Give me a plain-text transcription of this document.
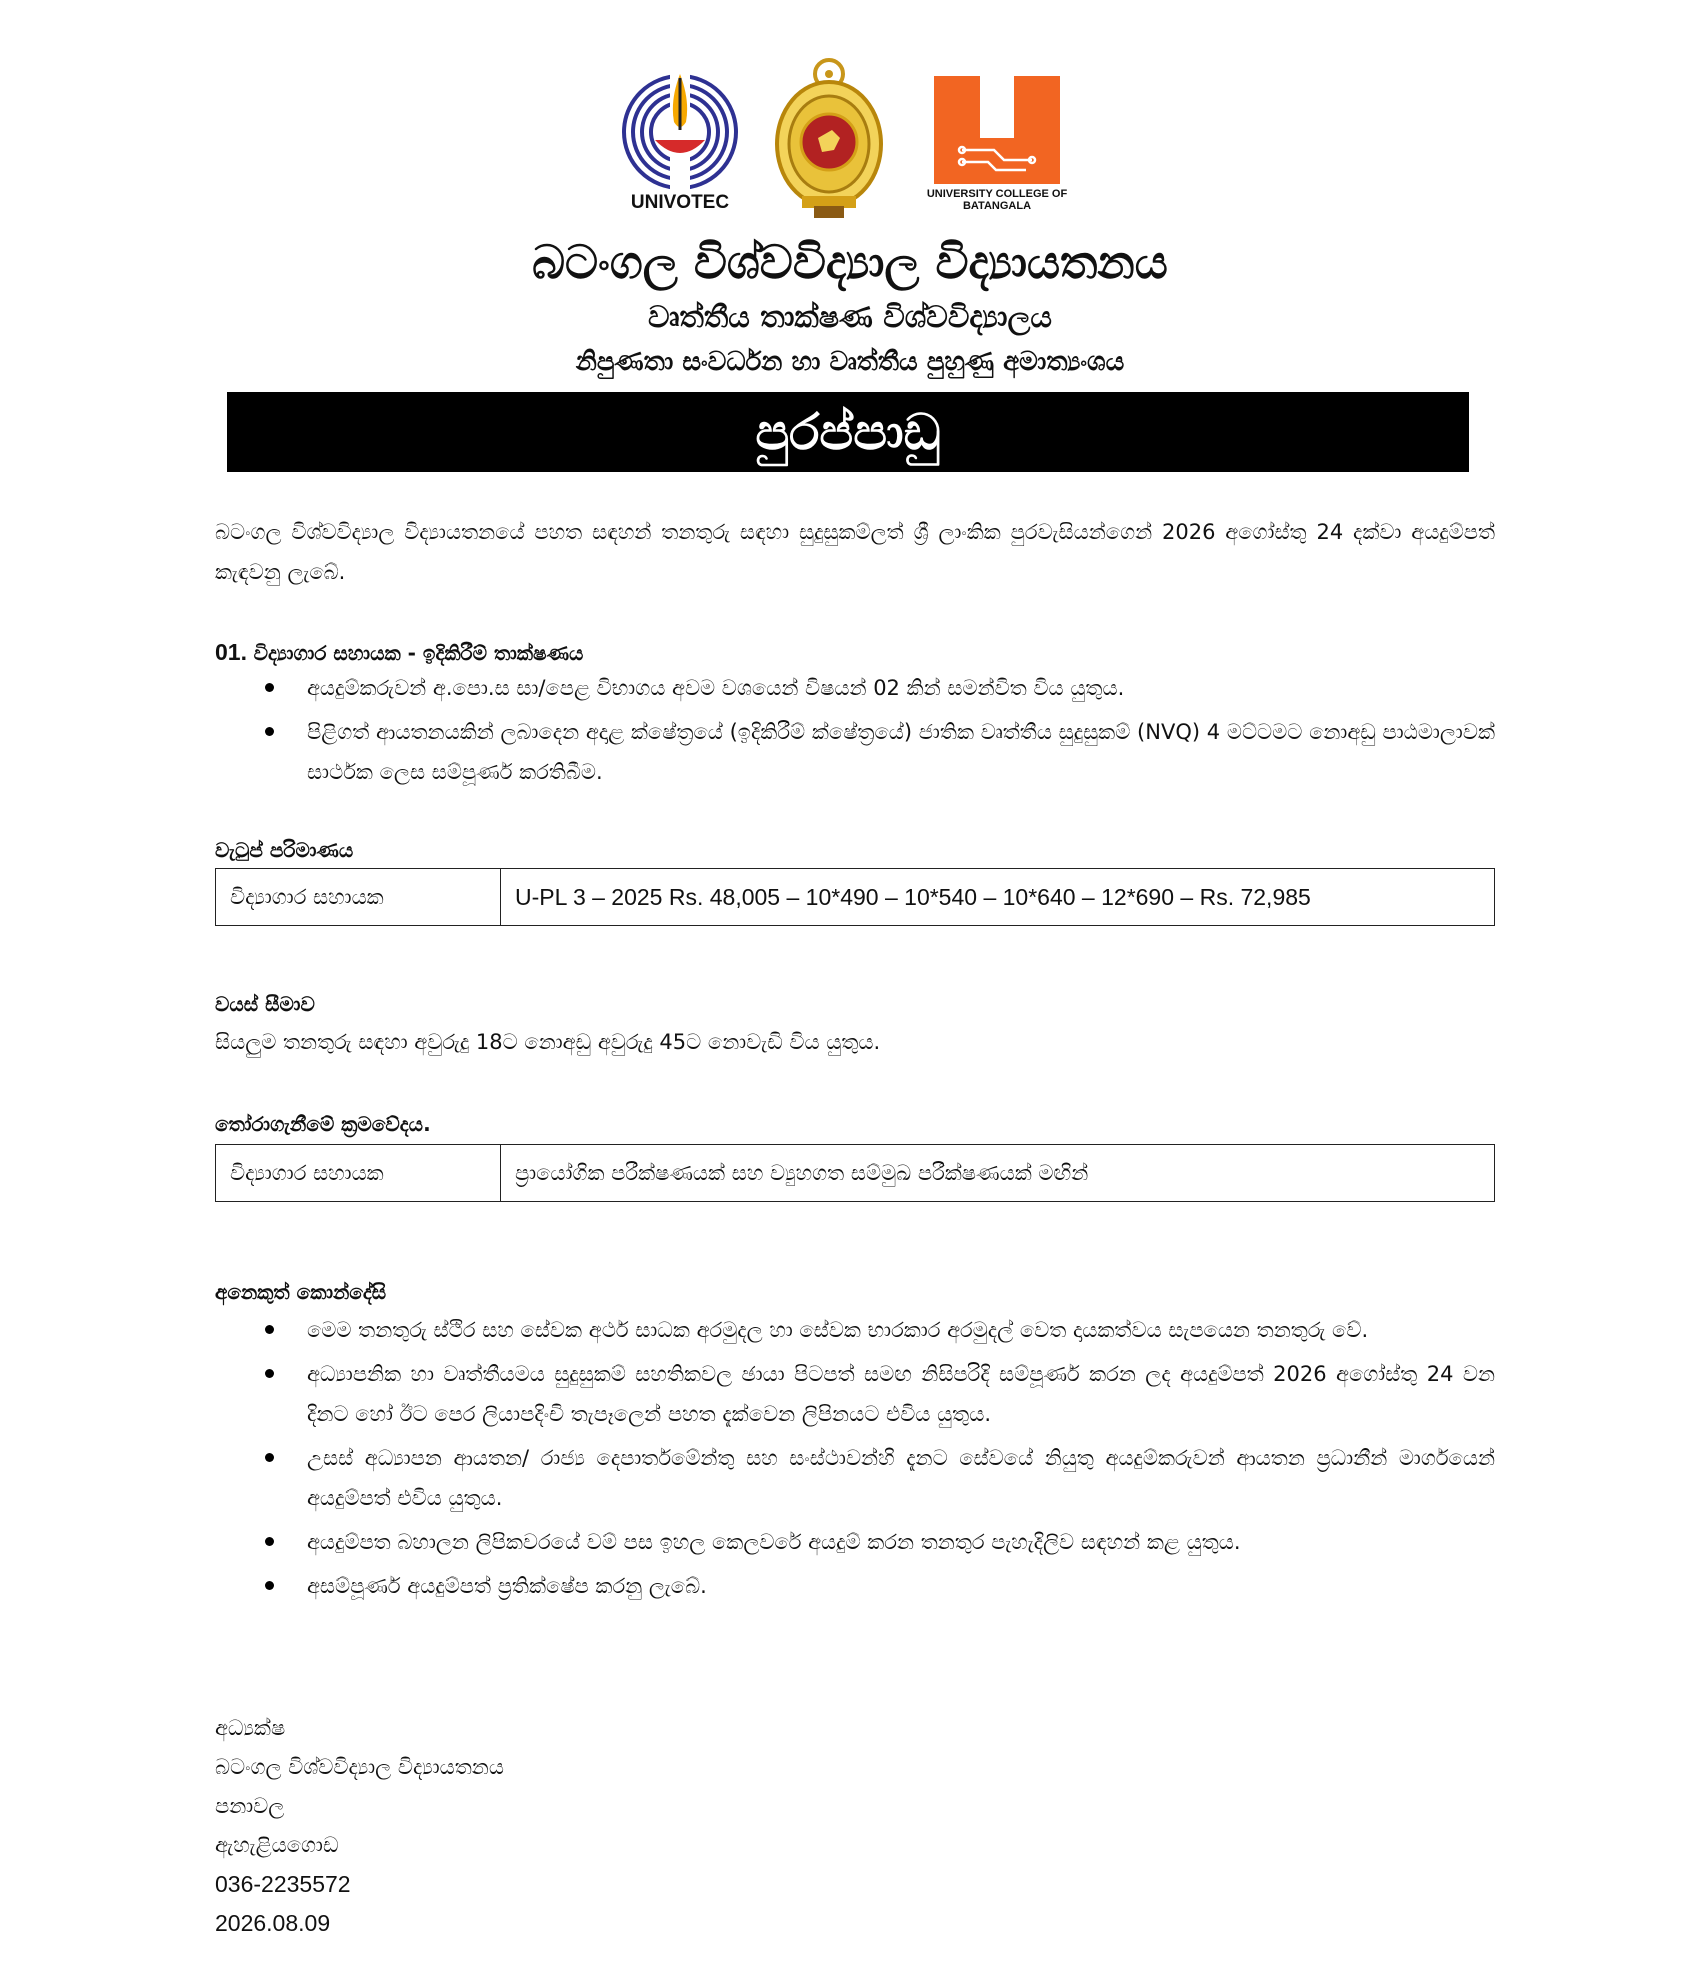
UNIVOTEC	UNIVERSITY COLLEGE OF
BATANGALA
බටංගල විශ්වවිද්‍යාල විද්‍යායතනය
වෘත්තීය තාක්ෂණ විශ්වවිද්‍යාලය
නිපුණතා සංවර්ධන හා වෘත්තීය පුහුණු අමාත්‍යංශය
පුරප්පාඩු
බටංගල විශ්වවිද්‍යාල විද්‍යායතනයේ පහත සඳහන් තනතුරු සඳහා සුදුසුකම්ලත් ශ්‍රී ලාංකික පුරවැසියන්ගෙන් 2026 අගෝස්තු 24 දක්වා අයදුම්පත් කැඳවනු ලැබේ.
01. විද්‍යාගාර සහායක - ඉදිකිරීම් තාක්ෂණය
අයදුම්කරුවන් අ.පො.ස සා/පෙළ විභාගය අවම වශයෙන් විෂයන් 02 කින් සමන්විත විය යුතුය.
පිළිගත් ආයතනයකින් ලබාදෙන අදාළ ක්ෂේත්‍රයේ (ඉදිකිරීම් ක්ෂේත්‍රයේ) ජාතික වෘත්තීය සුදුසුකම් (NVQ) 4 මට්ටමට නොඅඩු පාඨමාලාවක් සාර්ථක ලෙස සම්පූර්ණ කරතිබීම.
වැටුප් පරිමාණය
විද්‍යාගාර සහායක	U-PL 3 – 2025 Rs. 48,005 – 10*490 – 10*540 – 10*640 – 12*690 – Rs. 72,985
වයස් සීමාව
සියලුම තනතුරු සඳහා අවුරුදු 18ට නොඅඩු අවුරුදු 45ට නොවැඩි විය යුතුය.
තෝරාගැනීමේ ක්‍රමවේදය.
විද්‍යාගාර සහායක	ප්‍රායෝගික පරීක්ෂණයක් සහ ව්‍යුහගත සම්මුඛ පරීක්ෂණයක් මඟින්
අනෙකුත් කොන්දේසි
මෙම තනතුරු ස්ථිර සහ සේවක අර්ථ සාධක අරමුදල හා සේවක භාරකාර අරමුදල් වෙත දායකත්වය සැපයෙන තනතුරු වේ.
අධ්‍යාපනික හා වෘත්තීයමය සුදුසුකම් සහතිකවල ඡායා පිටපත් සමඟ නිසිපරිදි සම්පූර්ණ කරන ලද අයදුම්පත් 2026 අගෝස්තු 24 වන දිනට හෝ ඊට පෙර ලියාපදිංචි තැපෑලෙන් පහත දැක්වෙන ලිපිනයට එවිය යුතුය.
උසස් අධ්‍යාපන ආයතන/ රාජ්‍ය දෙපාර්තමේන්තු සහ සංස්ථාවන්හි දැනට සේවයේ නියුතු අයදුම්කරුවන් ආයතන ප්‍රධානීන් මාර්ගයෙන් අයදුම්පත් එවිය යුතුය.
අයදුම්පත බහාලන ලිපිකවරයේ වම් පස ඉහල කෙලවරේ අයදුම් කරන තනතුර පැහැදිලිව සඳහන් කළ යුතුය.
අසම්පූර්ණ අයදුම්පත් ප්‍රතික්ෂේප කරනු ලැබේ.
අධ්‍යක්ෂ
බටංගල විශ්වවිද්‍යාල විද්‍යායතනය
පනාවල
ඇහැළියගොඩ
036-2235572
2026.08.09
